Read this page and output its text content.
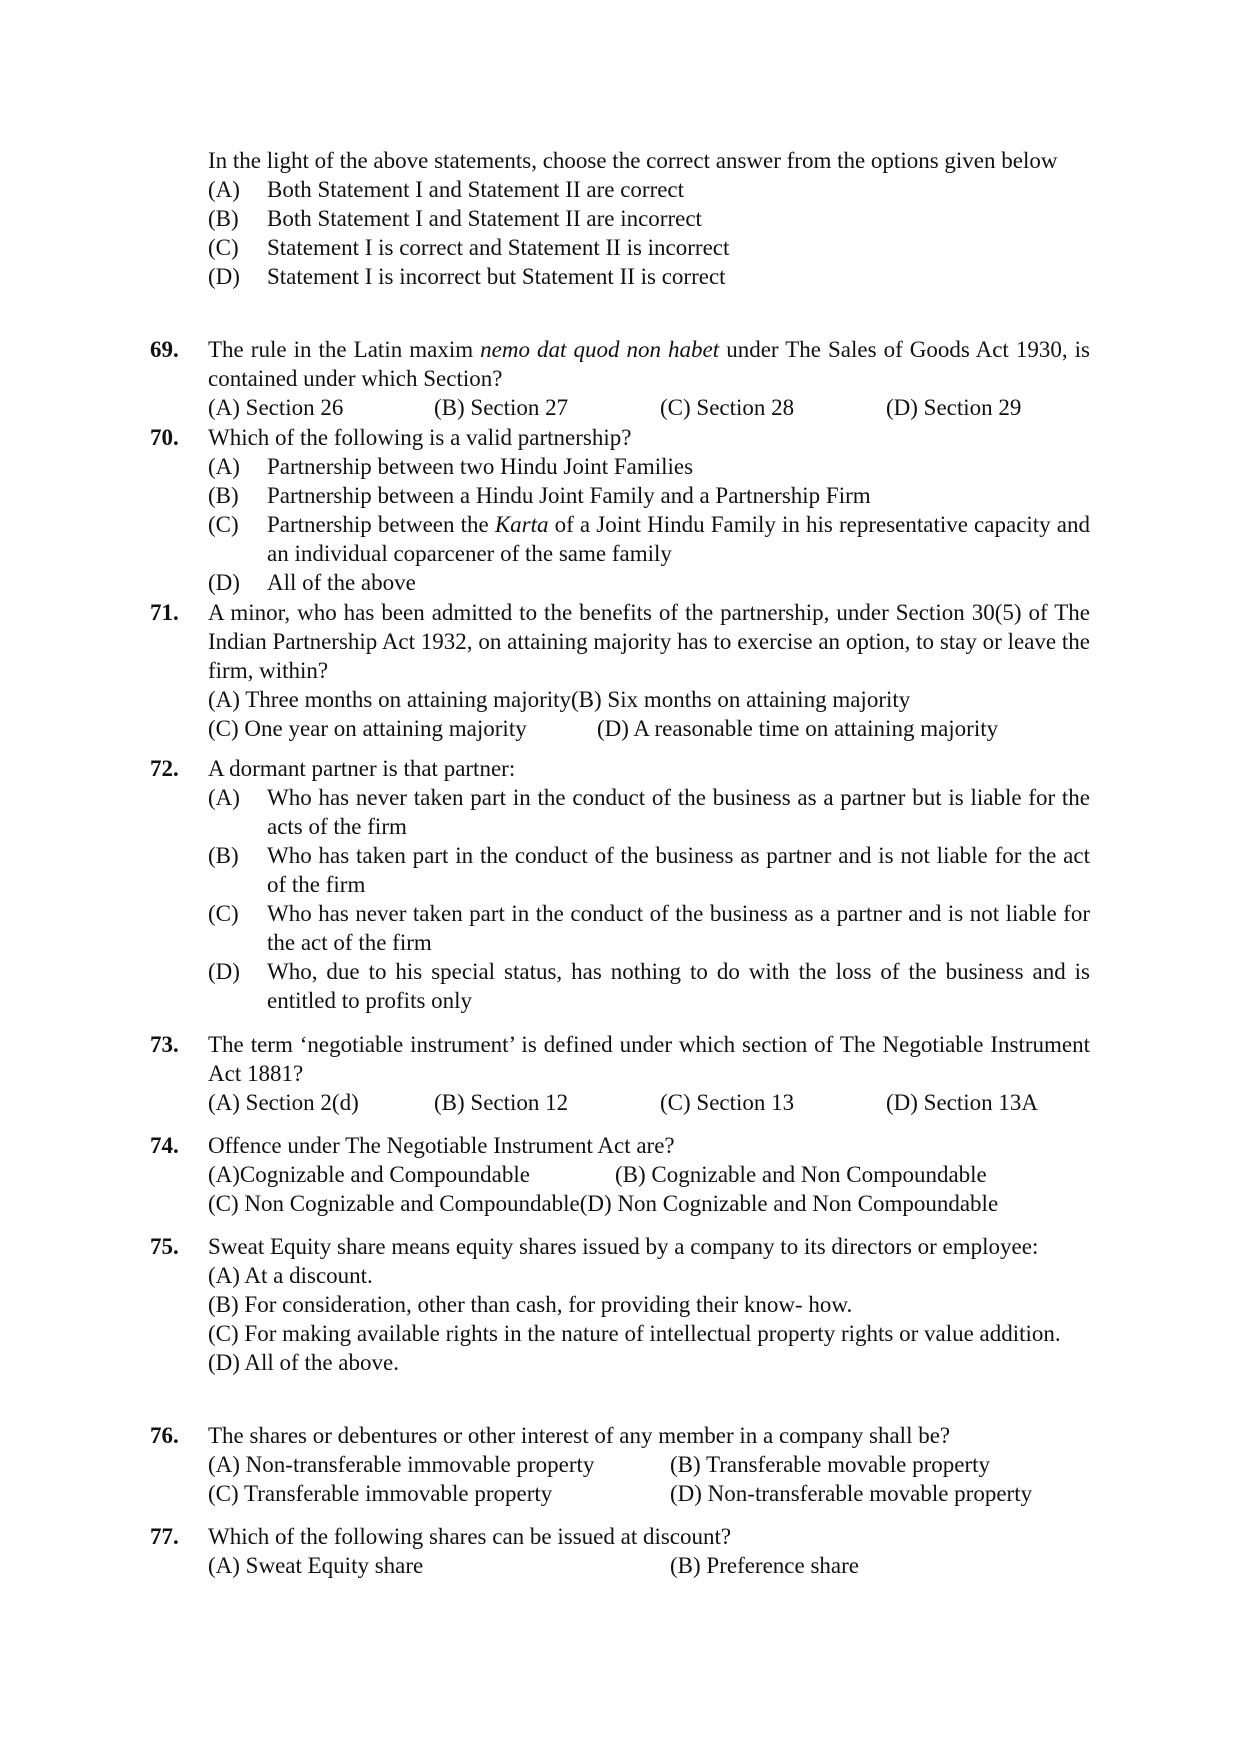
In the light of the above statements, choose the correct answer from the options given below
(A)	Both Statement I and Statement II are correct
(B)	Both Statement I and Statement II are incorrect
(C)	Statement I is correct and Statement II is incorrect
(D)	Statement I is incorrect but Statement II is correct
69. The rule in the Latin maxim nemo dat quod non habet under The Sales of Goods Act 1930, is contained under which Section?
(A) Section 26	(B) Section 27	(C) Section 28	(D) Section 29
70. Which of the following is a valid partnership?
(A)	Partnership between two Hindu Joint Families
(B)	Partnership between a Hindu Joint Family and a Partnership Firm
(C)	Partnership between the Karta of a Joint Hindu Family in his representative capacity and an individual coparcener of the same family
(D)	All of the above
71. A minor, who has been admitted to the benefits of the partnership, under Section 30(5) of The Indian Partnership Act 1932, on attaining majority has to exercise an option, to stay or leave the firm, within?
(A) Three months on attaining majority(B) Six months on attaining majority
(C) One year on attaining majority	(D) A reasonable time on attaining majority
72. A dormant partner is that partner:
(A)	Who has never taken part in the conduct of the business as a partner but is liable for the acts of the firm
(B)	Who has taken part in the conduct of the business as partner and is not liable for the act of the firm
(C)	Who has never taken part in the conduct of the business as a partner and is not liable for the act of the firm
(D)	Who, due to his special status, has nothing to do with the loss of the business and is entitled to profits only
73. The term ‘negotiable instrument’ is defined under which section of The Negotiable Instrument Act 1881?
(A) Section 2(d)	(B) Section 12	(C) Section 13	(D) Section 13A
74. Offence under The Negotiable Instrument Act are?
(A)Cognizable and Compoundable	(B) Cognizable and Non Compoundable
(C) Non Cognizable and Compoundable(D) Non Cognizable and Non Compoundable
75. Sweat Equity share means equity shares issued by a company to its directors or employee:
(A) At a discount.
(B) For consideration, other than cash, for providing their know- how.
(C) For making available rights in the nature of intellectual property rights or value addition.
(D) All of the above.
76. The shares or debentures or other interest of any member in a company shall be?
(A) Non-transferable immovable property	(B) Transferable movable property
(C) Transferable immovable property	(D) Non-transferable movable property
77. Which of the following shares can be issued at discount?
(A) Sweat Equity share	(B) Preference share
